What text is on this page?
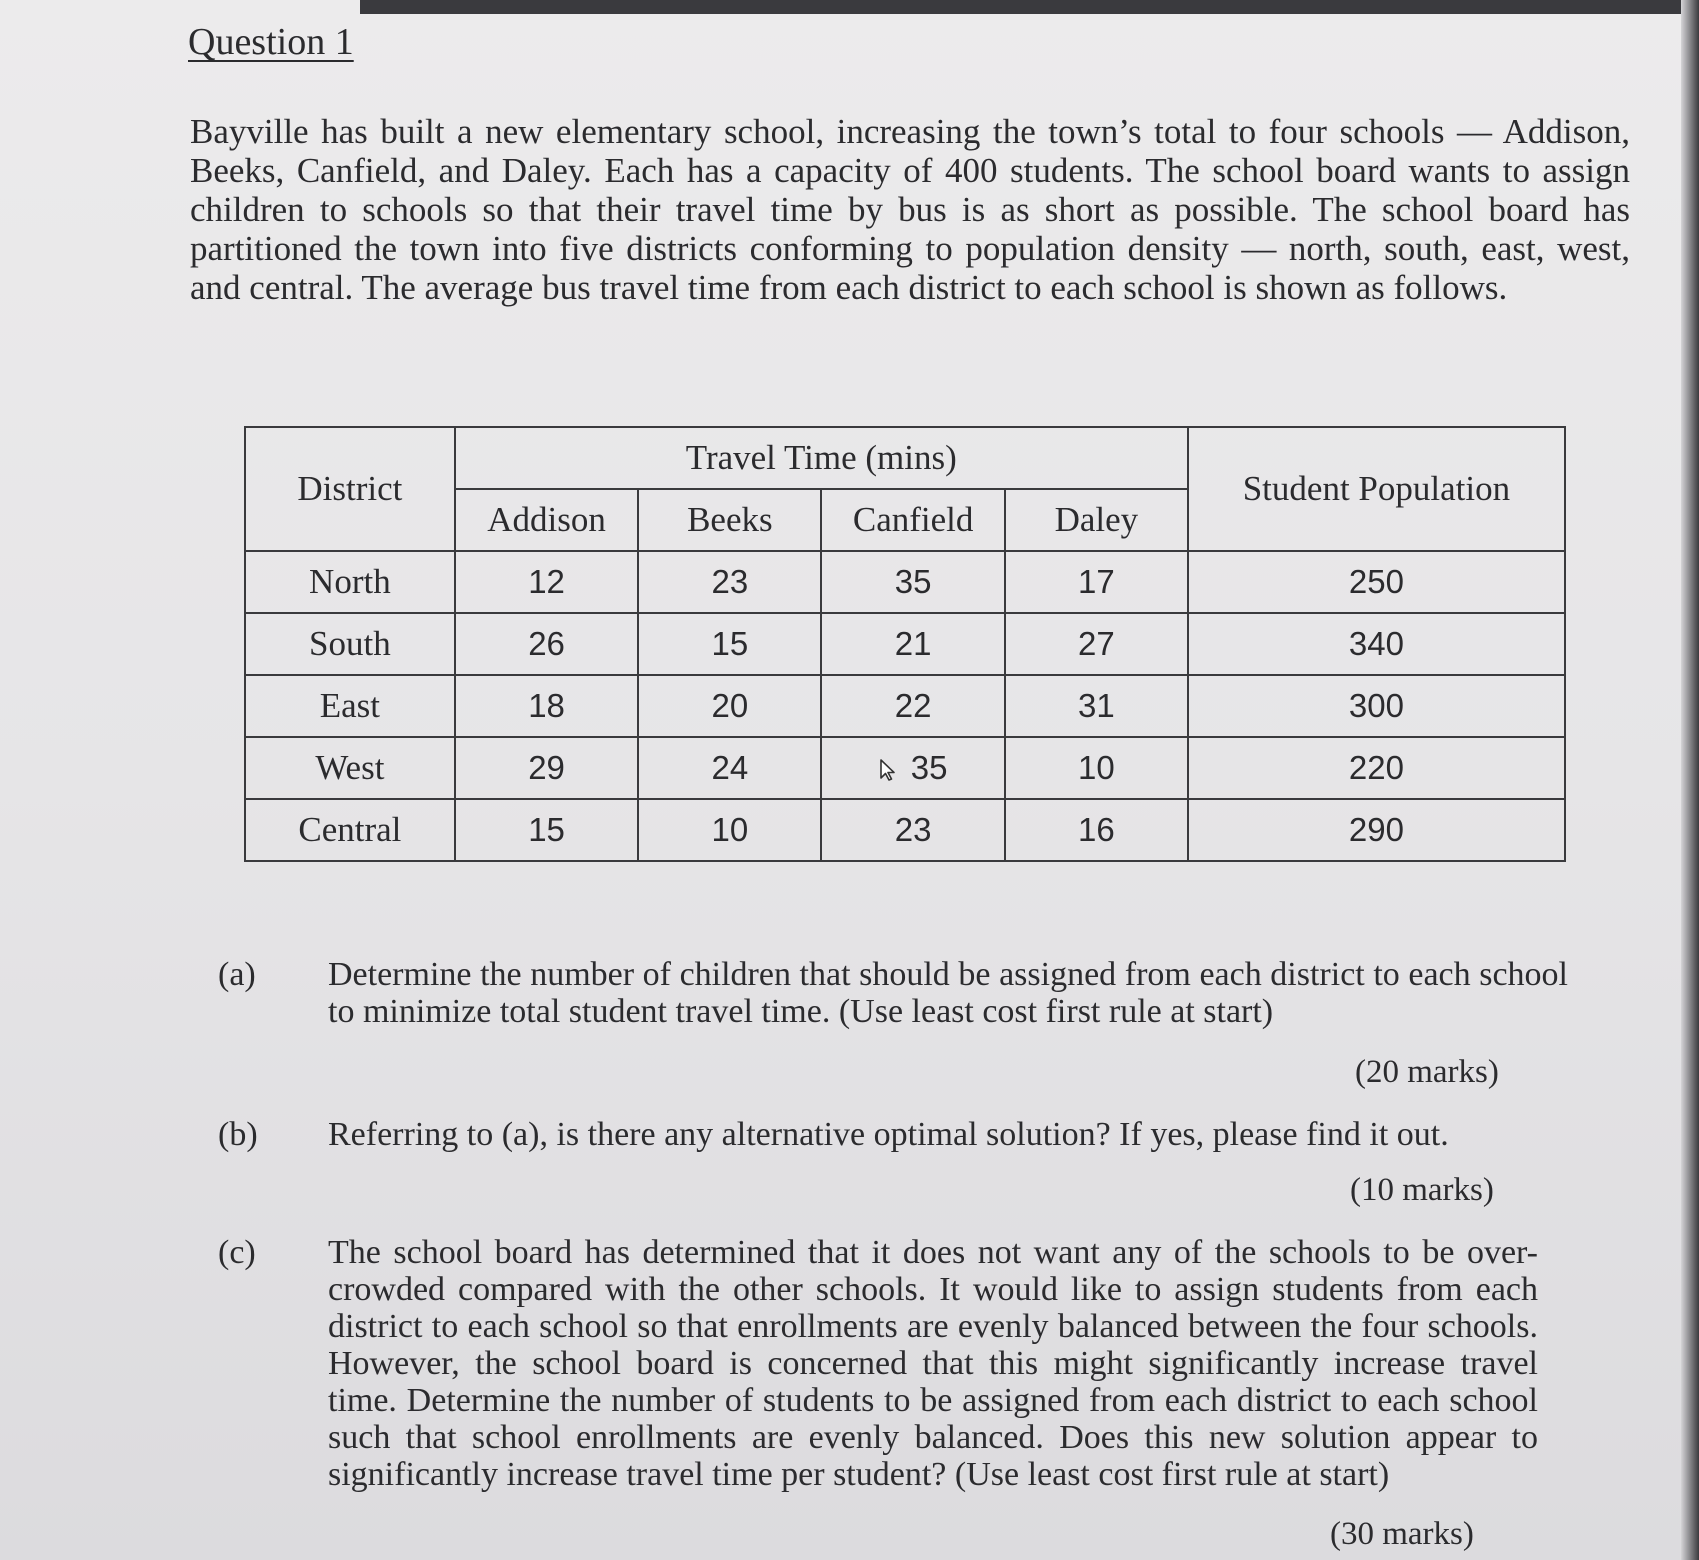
Question 1
Bayville has built a new elementary school, increasing the town’s total to four schools — Addison, Beeks, Canfield, and Daley. Each has a capacity of 400 students. The school board wants to assign children to schools so that their travel time by bus is as short as possible. The school board has partitioned the town into five districts conforming to population density — north, south, east, west, and central. The average bus travel time from each district to each school is shown as follows.
District	Travel Time (mins)				Student Population
	Addison	Beeks	Canfield	Daley	
North	12	23	35	17	250
South	26	15	21	27	340
East	18	20	22	31	300
West	29	24	35	10	220
Central	15	10	23	16	290
(a) Determine the number of children that should be assigned from each district to each school to minimize total student travel time. (Use least cost first rule at start)
(20 marks)
(b) Referring to (a), is there any alternative optimal solution? If yes, please find it out.
(10 marks)
(c) The school board has determined that it does not want any of the schools to be over-crowded compared with the other schools. It would like to assign students from each district to each school so that enrollments are evenly balanced between the four schools. However, the school board is concerned that this might significantly increase travel time. Determine the number of students to be assigned from each district to each school such that school enrollments are evenly balanced. Does this new solution appear to significantly increase travel time per student? (Use least cost first rule at start)
(30 marks)
